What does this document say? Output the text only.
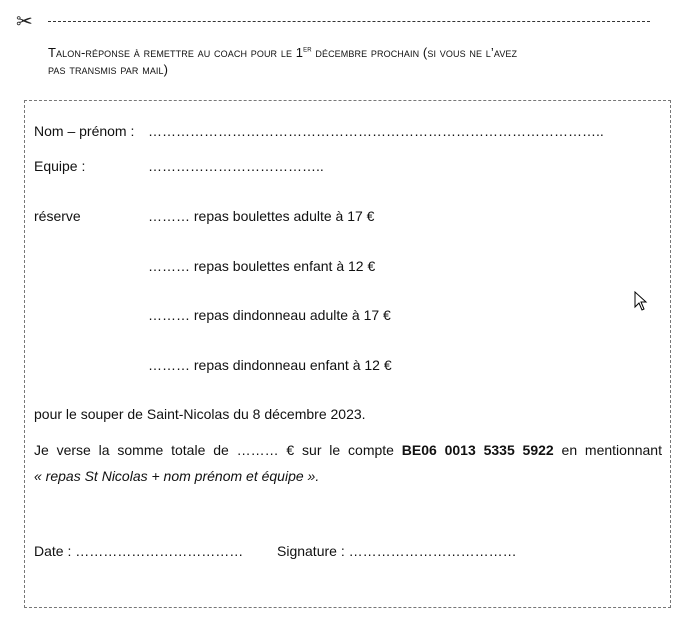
✂
Talon-réponse à remettre au coach pour le 1er décembre prochain (si vous ne l’avez
pas transmis par mail)
Nom – prénom : ……………………………………………………………………………………..
Equipe :	………………………………..
réserve	……… repas boulettes adulte à 17 €
……… repas boulettes enfant à 12 €
……… repas dindonneau adulte à 17 €
……… repas dindonneau enfant à 12 €
pour le souper de Saint-Nicolas du 8 décembre 2023.
Je verse la somme totale de ……… € sur le compte BE06 0013 5335 5922 en mentionnant
« repas St Nicolas + nom prénom et équipe ».
Date : ……………………………… Signature : ………………………………
